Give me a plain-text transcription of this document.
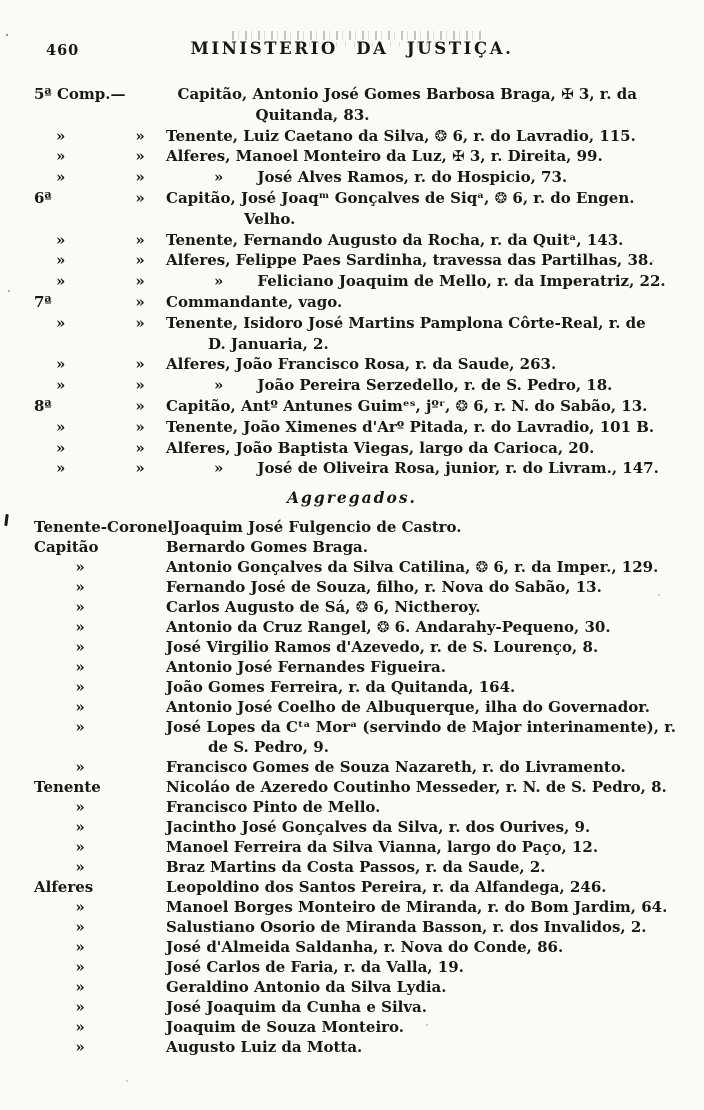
460	MINISTERIO DA JUSTIÇA.
5ª Comp.—	Capitão, Antonio José Gomes Barbosa Braga, ✠ 3, r. da
Quitanda, 83.
»	»	Tenente, Luiz Caetano da Silva, ❂ 6, r. do Lavradio, 115.
»	»	Alferes, Manoel Monteiro da Luz, ✠ 3, r. Direita, 99.
»	»	» José Alves Ramos, r. do Hospicio, 73.
6ª	»	Capitão, José Joaqᵐ Gonçalves de Siqᵃ, ❂ 6, r. do Engen.
Velho.
»	»	Tenente, Fernando Augusto da Rocha, r. da Quitᵃ, 143.
»	»	Alferes, Felippe Paes Sardinha, travessa das Partilhas, 38.
»	»	» Feliciano Joaquim de Mello, r. da Imperatriz, 22.
7ª	»	Commandante, vago.
»	»	Tenente, Isidoro José Martins Pamplona Côrte-Real, r. de
D. Januaria, 2.
»	»	Alferes, João Francisco Rosa, r. da Saude, 263.
»	»	» João Pereira Serzedello, r. de S. Pedro, 18.
8ª	»	Capitão, Antº Antunes Guimᵉˢ, jºʳ, ❂ 6, r. N. do Sabão, 13.
»	»	Tenente, João Ximenes d'Arº Pitada, r. do Lavradio, 101 B.
»	»	Alferes, João Baptista Viegas, largo da Carioca, 20.
»	»	» José de Oliveira Rosa, junior, r. do Livram., 147.
Aggregados.
Tenente-Coronel Joaquim José Fulgencio de Castro.
Capitão	Bernardo Gomes Braga.
»	Antonio Gonçalves da Silva Catilina, ❂ 6, r. da Imper., 129.
»	Fernando José de Souza, filho, r. Nova do Sabão, 13.
»	Carlos Augusto de Sá, ❂ 6, Nictheroy.
»	Antonio da Cruz Rangel, ❂ 6. Andarahy-Pequeno, 30.
»	José Virgilio Ramos d'Azevedo, r. de S. Lourenço, 8.
»	Antonio José Fernandes Figueira.
»	João Gomes Ferreira, r. da Quitanda, 164.
»	Antonio José Coelho de Albuquerque, ilha do Governador.
»	José Lopes da Cᵗᵃ Morᵃ (servindo de Major interinamente), r.
de S. Pedro, 9.
»	Francisco Gomes de Souza Nazareth, r. do Livramento.
Tenente	Nicoláo de Azeredo Coutinho Messeder, r. N. de S. Pedro, 8.
»	Francisco Pinto de Mello.
»	Jacintho José Gonçalves da Silva, r. dos Ourives, 9.
»	Manoel Ferreira da Silva Vianna, largo do Paço, 12.
»	Braz Martins da Costa Passos, r. da Saude, 2.
Alferes	Leopoldino dos Santos Pereira, r. da Alfandega, 246.
»	Manoel Borges Monteiro de Miranda, r. do Bom Jardim, 64.
»	Salustiano Osorio de Miranda Basson, r. dos Invalidos, 2.
»	José d'Almeida Saldanha, r. Nova do Conde, 86.
»	José Carlos de Faria, r. da Valla, 19.
»	Geraldino Antonio da Silva Lydia.
»	José Joaquim da Cunha e Silva.
»	Joaquim de Souza Monteiro.
»	Augusto Luiz da Motta.
